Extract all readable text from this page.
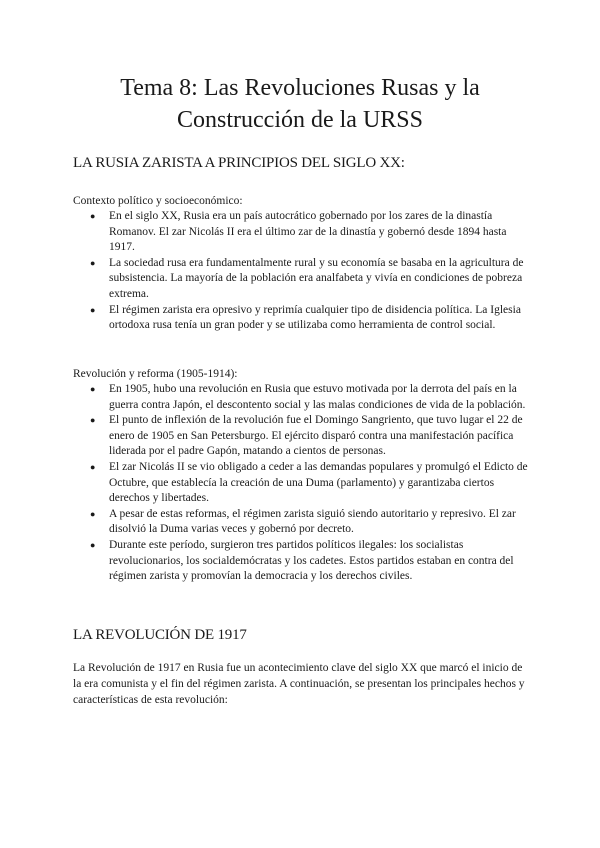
Tema 8: Las Revoluciones Rusas y la
Construcción de la URSS
LA RUSIA ZARISTA A PRINCIPIOS DEL SIGLO XX:

Contexto político y socioeconómico:

● En el siglo XX, Rusia era un país autocrático gobernado por los zares de la dinastía Romanov. El zar Nicolás II era el último zar de la dinastía y gobernó desde 1894 hasta 1917.
● La sociedad rusa era fundamentalmente rural y su economía se basaba en la agricultura de subsistencia. La mayoría de la población era analfabeta y vivía en condiciones de pobreza extrema.
● El régimen zarista era opresivo y reprimía cualquier tipo de disidencia política. La Iglesia ortodoxa rusa tenía un gran poder y se utilizaba como herramienta de control social.

Revolución y reforma (1905-1914):

● En 1905, hubo una revolución en Rusia que estuvo motivada por la derrota del país en la guerra contra Japón, el descontento social y las malas condiciones de vida de la población.
● El punto de inflexión de la revolución fue el Domingo Sangriento, que tuvo lugar el 22 de enero de 1905 en San Petersburgo. El ejército disparó contra una manifestación pacífica liderada por el padre Gapón, matando a cientos de personas.
● El zar Nicolás II se vio obligado a ceder a las demandas populares y promulgó el Edicto de Octubre, que establecía la creación de una Duma (parlamento) y garantizaba ciertos derechos y libertades.
● A pesar de estas reformas, el régimen zarista siguió siendo autoritario y represivo. El zar disolvió la Duma varias veces y gobernó por decreto.
● Durante este período, surgieron tres partidos políticos ilegales: los socialistas revolucionarios, los socialdemócratas y los cadetes. Estos partidos estaban en contra del régimen zarista y promovían la democracia y los derechos civiles.
LA REVOLUCIÓN DE 1917

La Revolución de 1917 en Rusia fue un acontecimiento clave del siglo XX que marcó el inicio de la era comunista y el fin del régimen zarista. A continuación, se presentan los principales hechos y características de esta revolución:
